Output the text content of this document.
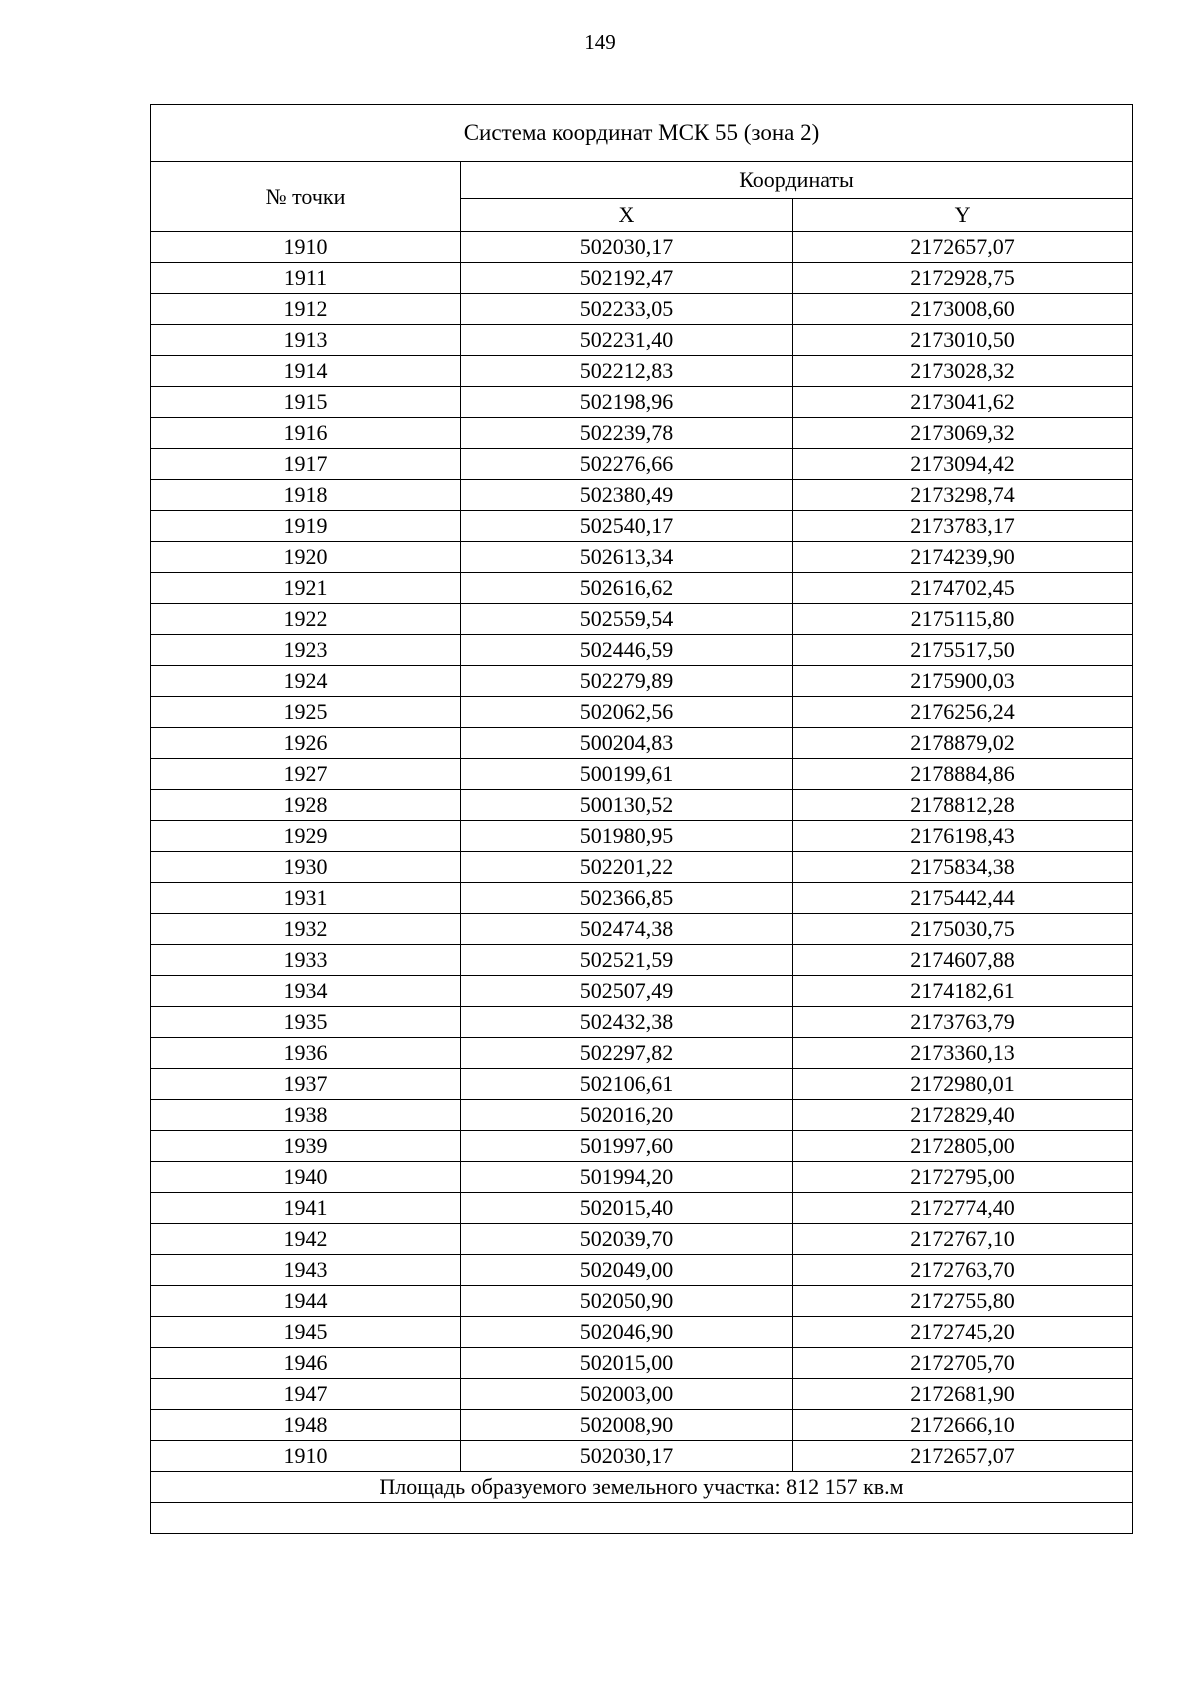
149
Система координат МСК 55 (зона 2)		
№ точки	Координаты	
	X	Y
1910	502030,17	2172657,07
1911	502192,47	2172928,75
1912	502233,05	2173008,60
1913	502231,40	2173010,50
1914	502212,83	2173028,32
1915	502198,96	2173041,62
1916	502239,78	2173069,32
1917	502276,66	2173094,42
1918	502380,49	2173298,74
1919	502540,17	2173783,17
1920	502613,34	2174239,90
1921	502616,62	2174702,45
1922	502559,54	2175115,80
1923	502446,59	2175517,50
1924	502279,89	2175900,03
1925	502062,56	2176256,24
1926	500204,83	2178879,02
1927	500199,61	2178884,86
1928	500130,52	2178812,28
1929	501980,95	2176198,43
1930	502201,22	2175834,38
1931	502366,85	2175442,44
1932	502474,38	2175030,75
1933	502521,59	2174607,88
1934	502507,49	2174182,61
1935	502432,38	2173763,79
1936	502297,82	2173360,13
1937	502106,61	2172980,01
1938	502016,20	2172829,40
1939	501997,60	2172805,00
1940	501994,20	2172795,00
1941	502015,40	2172774,40
1942	502039,70	2172767,10
1943	502049,00	2172763,70
1944	502050,90	2172755,80
1945	502046,90	2172745,20
1946	502015,00	2172705,70
1947	502003,00	2172681,90
1948	502008,90	2172666,10
1910	502030,17	2172657,07
Площадь образуемого земельного участка: 812 157 кв.м		
